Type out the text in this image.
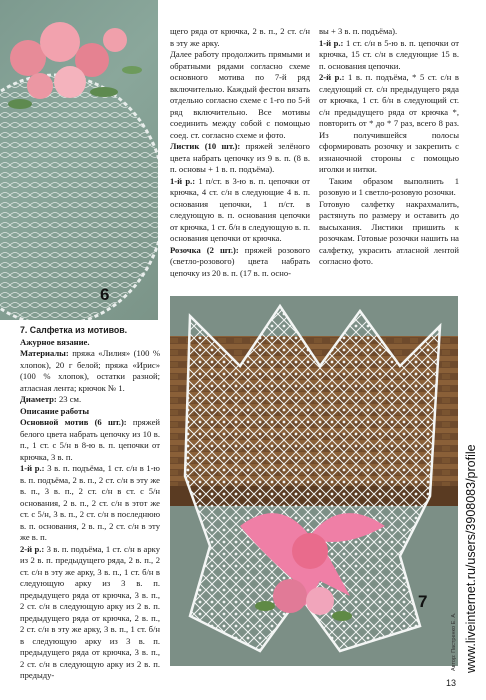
6

7. Салфетка из мотивов.

Ажурное вязание.

Материалы: пряжа «Лилия» (100 % хлопок), 20 г белой; пряжа «Ирис» (100 % хлопок), остатки разной; атласная лента; крючок № 1.

Диаметр: 23 см.

Описание работы

Основной мотив (6 шт.): пряжей белого цвета набрать цепочку из 10 в. п., 1 ст. с 5/н в 8-ю в. п. цепочки от крючка, 3 в. п.

1-й р.: 3 в. п. подъёма, 1 ст. с/н в 1-ю в. п. подъёма, 2 в. п., 2 ст. с/н в эту же в. п., 3 в. п., 2 ст. с/н в ст. с 5/н основания, 2 в. п., 2 ст. с/н в этот же ст. с 5/н, 3 в. п., 2 ст. с/н в последнюю в. п. основания, 2 в. п., 2 ст. с/н в эту же в. п.

2-й р.: 3 в. п. подъёма, 1 ст. с/н в арку из 2 в. п. предыдущего ряда, 2 в. п., 2 ст. с/н в эту же арку, 3 в. п., 1 ст. б/н в следующую арку из 3 в. п. предыдущего ряда от крючка, 3 в. п., 2 ст. с/н в следующую арку из 2 в. п. предыдущего ряда от крючка, 2 в. п., 2 ст. с/н в эту же арку, 3 в. п., 1 ст. б/н в следующую арку из 3 в. п. предыдущего ряда от крючка, 3 в. п., 2 ст. с/н в следующую арку из 2 в. п. предыду-

щего ряда от крючка, 2 в. п., 2 ст. с/н в эту же арку.

Далее работу продолжить прямыми и обратными рядами согласно схеме основного мотива по 7-й ряд включительно. Каждый фестон вязать отдельно согласно схеме с 1-го по 5-й ряд включительно. Все мотивы соединить между собой с помощью соед. ст. согласно схеме и фото.

Листик (10 шт.): пряжей зелёного цвета набрать цепочку из 9 в. п. (8 в. п. основы + 1 в. п. подъёма).

1-й р.: 1 п/ст. в 3-ю в. п. цепочки от крючка, 4 ст. с/н в следующие 4 в. п. основания цепочки, 1 п/ст. в следующую в. п. основания цепочки от крючка, 1 ст. б/н в следующую в. п. основания цепочки от крючка.

Розочка (2 шт.): пряжей розового (светло-розового) цвета набрать цепочку из 20 в. п. (17 в. п. осно-

вы + 3 в. п. подъёма).

1-й р.: 1 ст. с/н в 5-ю в. п. цепочки от крючка, 15 ст. с/н в следующие 15 в. п. основания цепочки.

2-й р.: 1 в. п. подъёма, * 5 ст. с/н в следующий ст. с/н предыдущего ряда от крючка, 1 ст. б/н в следующий ст. с/н предыдущего ряда от крючка *, повторить от * до * 7 раз, всего 8 раз. Из получившейся полосы сформировать розочку и закрепить с изнаночной стороны с помощью иголки и нитки.

Таким образом выполнить 1 розовую и 1 светло-розовую розочки.

Готовую салфетку накрахмалить, растянуть по размеру и оставить до высыхания. Листики пришить к розочкам. Готовые розочки нашить на салфетку, украсить атласной лентой согласно фото.

7	www.liveinternet.ru/users/3908083/profile
Автор: Пастренко Е. А.
13
